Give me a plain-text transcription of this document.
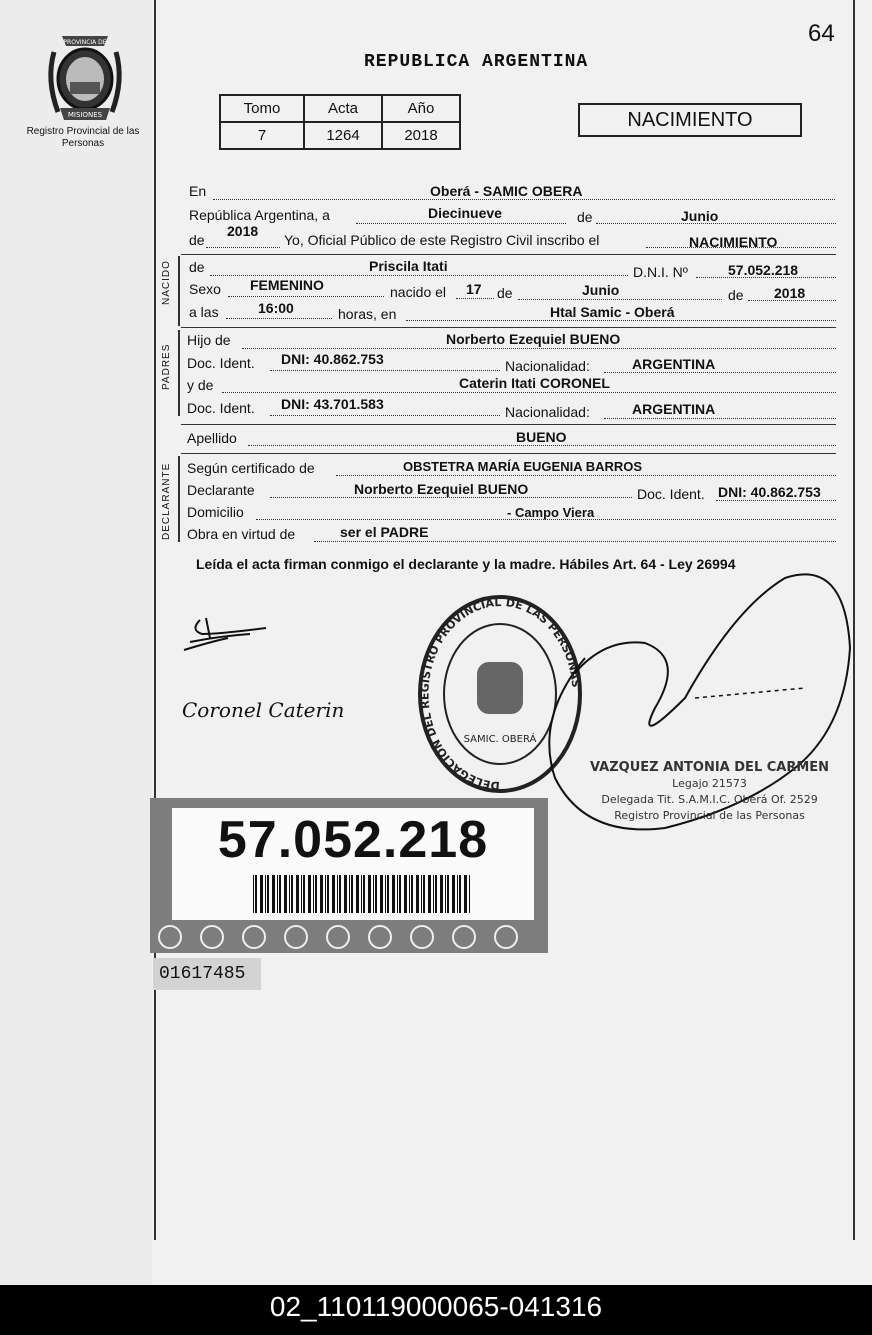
64
PROVINCIA DE
MISIONES
Registro Provincial de las Personas
REPUBLICA ARGENTINA
Tomo	Acta	Año
7	1264	2018
NACIMIENTO
En	Oberá - SAMIC OBERA
República Argentina, a	Diecinueve	de	Junio
de
2018
Yo, Oficial Público de este Registro Civil inscribo el	NACIMIENTO
NACIDO de	Priscila Itati	D.N.I. Nº	57.052.218
Sexo FEMENINO	nacido el 17 de	Junio	de 2018
a las	16:00	horas, en	Htal Samic - Oberá
PADRES
Hijo de	Norberto Ezequiel BUENO
Doc. Ident. DNI: 40.862.753	Nacionalidad:	ARGENTINA
y de	Caterin Itati CORONEL
Doc. Ident. DNI: 43.701.583	Nacionalidad:	ARGENTINA
Apellido	BUENO
DECLARANTE Según certificado de	OBSTETRA MARÍA EUGENIA BARROS
Declarante	Norberto Ezequiel BUENO	Doc. Ident. DNI: 40.862.753
Domicilio	- Campo Viera
Obra en virtud de	ser el PADRE
Leída el acta firman conmigo el declarante y la madre. Hábiles Art. 64 - Ley 26994
Coronel Caterin
DELEGACIÓN DEL REGISTRO PROVINCIAL DE LAS PERSONAS
SAMIC. OBERÁ
VAZQUEZ ANTONIA DEL CARMEN
Legajo 21573
Delegada Tit. S.A.M.I.C. Oberá Of. 2529
Registro Provincial de las Personas
57.052.218
01617485
02_110119000065-041316
